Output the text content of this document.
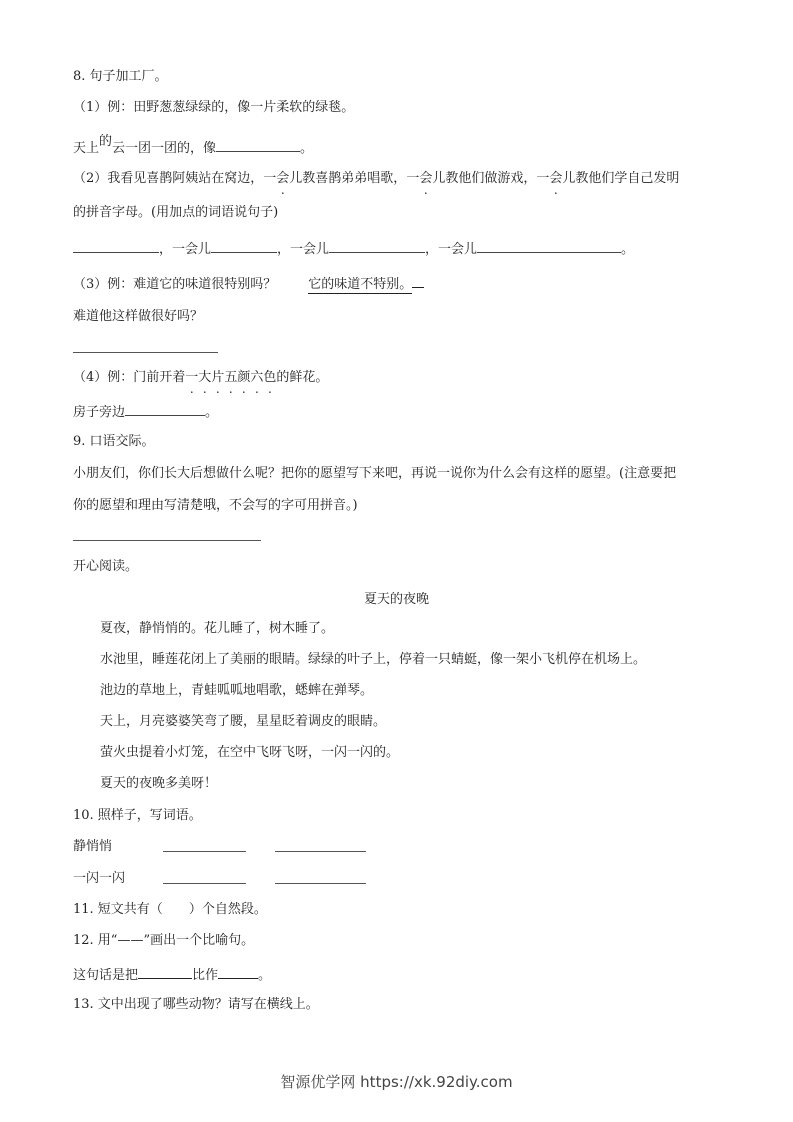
8. 句子加工厂。
（1）例：田野葱葱绿绿的，像一片柔软的绿毯。
天上的云一团一团的，像	。
（2）我看见喜鹊阿姨站在窝边，一会儿教喜鹊弟弟唱歌，一会儿教他们做游戏，一会儿教他们学自己发明
的拼音字母。(用加点的词语说句子)
，一会儿	，一会儿	，一会儿	。
（3）例：难道它的味道很特别吗？ 它的味道不特别。
难道他这样做很好吗？
（4）例：门前开着一大片五颜六色的鲜花。
房子旁边	。
9. 口语交际。
小朋友们，你们长大后想做什么呢？把你的愿望写下来吧，再说一说你为什么会有这样的愿望。(注意要把
你的愿望和理由写清楚哦，不会写的字可用拼音。)
开心阅读。
夏天的夜晚
夏夜，静悄悄的。花儿睡了，树木睡了。
水池里，睡莲花闭上了美丽的眼睛。绿绿的叶子上，停着一只蜻蜓，像一架小飞机停在机场上。
池边的草地上，青蛙呱呱地唱歌，蟋蟀在弹琴。
天上，月亮婆婆笑弯了腰，星星眨着调皮的眼睛。
萤火虫提着小灯笼，在空中飞呀飞呀，一闪一闪的。
夏天的夜晚多美呀！
10. 照样子，写词语。
静悄悄
一闪一闪
11. 短文共有（ ）个自然段。
12. 用“——”画出一个比喻句。
这句话是把	比作	。
13. 文中出现了哪些动物？请写在横线上。
智源优学网 https://xk.92diy.com
